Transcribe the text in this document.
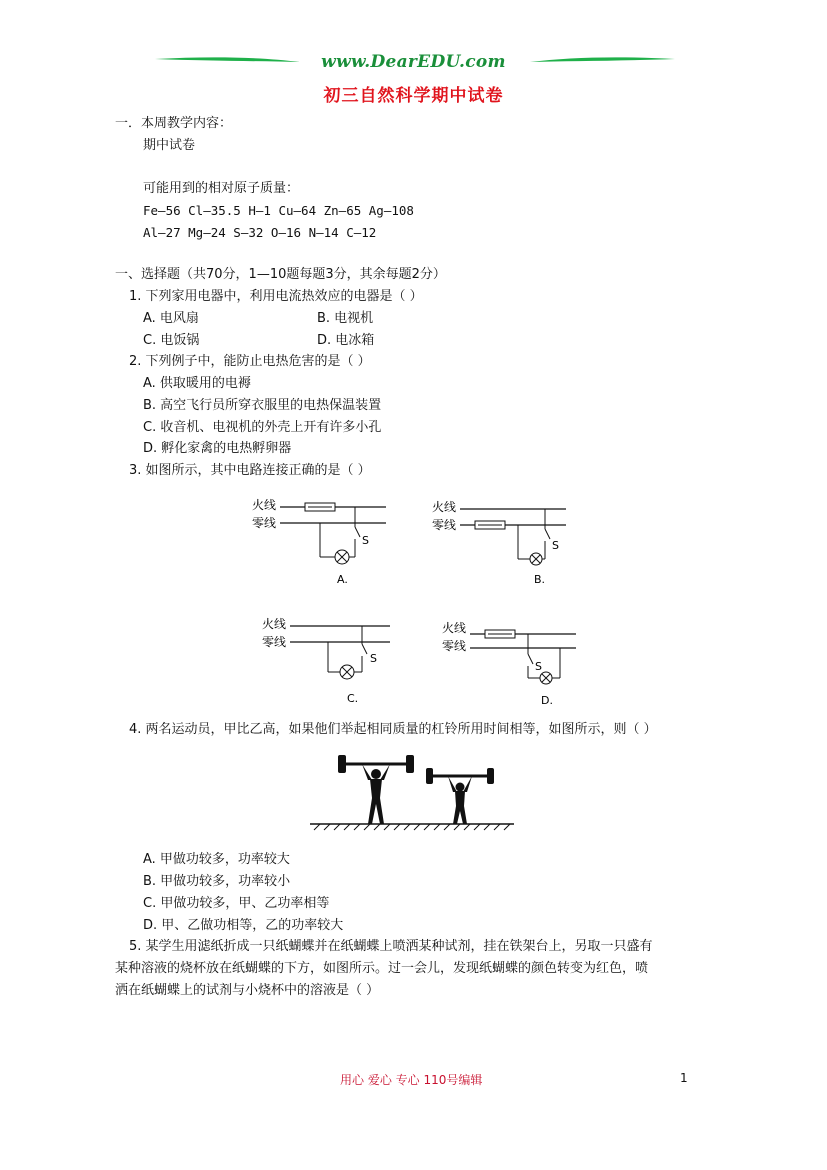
www.DearEDU.com
初三自然科学期中试卷
一．本周教学内容：
期中试卷
可能用到的相对原子质量：
Fe—56 Cl—35.5 H—1 Cu—64 Zn—65 Ag—108
Al—27 Mg—24 S—32 O—16 N—14 C—12
一、选择题（共70分，1—10题每题3分，其余每题2分）
1. 下列家用电器中，利用电流热效应的电器是（ ）
A. 电风扇	B. 电视机
C. 电饭锅	D. 电冰箱
2. 下列例子中，能防止电热危害的是（ ）
A. 供取暖用的电褥
B. 高空飞行员所穿衣服里的电热保温装置
C. 收音机、电视机的外壳上开有许多小孔
D. 孵化家禽的电热孵卵器
3. 如图所示，其中电路连接正确的是（ ）
火线
零线
S
A.
火线
零线
S
B.
火线
零线
S
C.
火线
零线
S
D.
4. 两名运动员，甲比乙高，如果他们举起相同质量的杠铃所用时间相等，如图所示，则（ ）
A. 甲做功较多，功率较大
B. 甲做功较多，功率较小
C. 甲做功较多，甲、乙功率相等
D. 甲、乙做功相等，乙的功率较大
5. 某学生用滤纸折成一只纸蝴蝶并在纸蝴蝶上喷洒某种试剂，挂在铁架台上，另取一只盛有
某种溶液的烧杯放在纸蝴蝶的下方，如图所示。过一会儿，发现纸蝴蝶的颜色转变为红色，喷
洒在纸蝴蝶上的试剂与小烧杯中的溶液是（ ）
用心 爱心 专心 110号编辑	1
